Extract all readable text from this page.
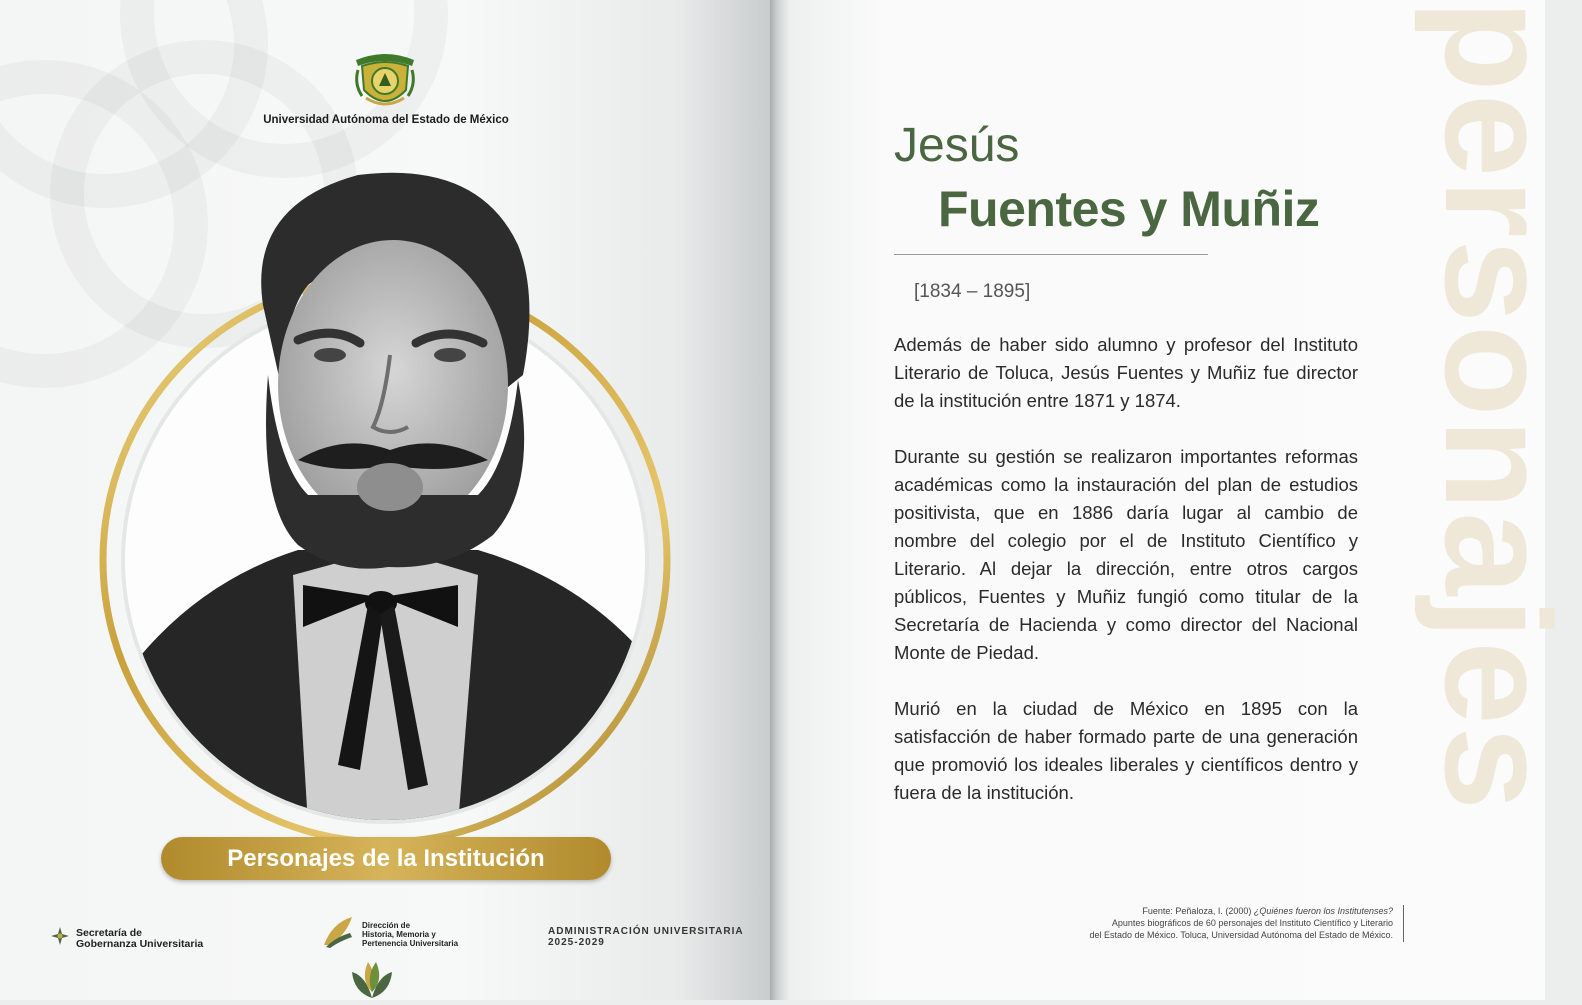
Universidad Autónoma del Estado de México
Personajes de la Institución
Secretaría de
Gobernanza Universitaria
Dirección de
Historia, Memoria y
Pertenencia Universitaria
ADMINISTRACIÓN UNIVERSITARIA
2025-2029
personajes
Jesús
Fuentes y Muñiz
[1834 – 1895]

Además de haber sido alumno y profesor del Instituto Literario de Toluca, Jesús Fuentes y Muñiz fue director de la institución entre 1871 y 1874.

Durante su gestión se realizaron importantes reformas académicas como la instauración del plan de estudios positivista, que en 1886 daría lugar al cambio de nombre del colegio por el de Instituto Científico y Literario. Al dejar la dirección, entre otros cargos públicos, Fuentes y Muñiz fungió como titular de la Secretaría de Hacienda y como director del Nacional Monte de Piedad.

Murió en la ciudad de México en 1895 con la satisfacción de haber formado parte de una generación que promovió los ideales liberales y científicos dentro y fuera de la institución.

Fuente: Peñaloza, I. (2000) ¿Quiénes fueron los Institutenses?
Apuntes biográficos de 60 personajes del Instituto Científico y Literario
del Estado de México. Toluca, Universidad Autónoma del Estado de México.
